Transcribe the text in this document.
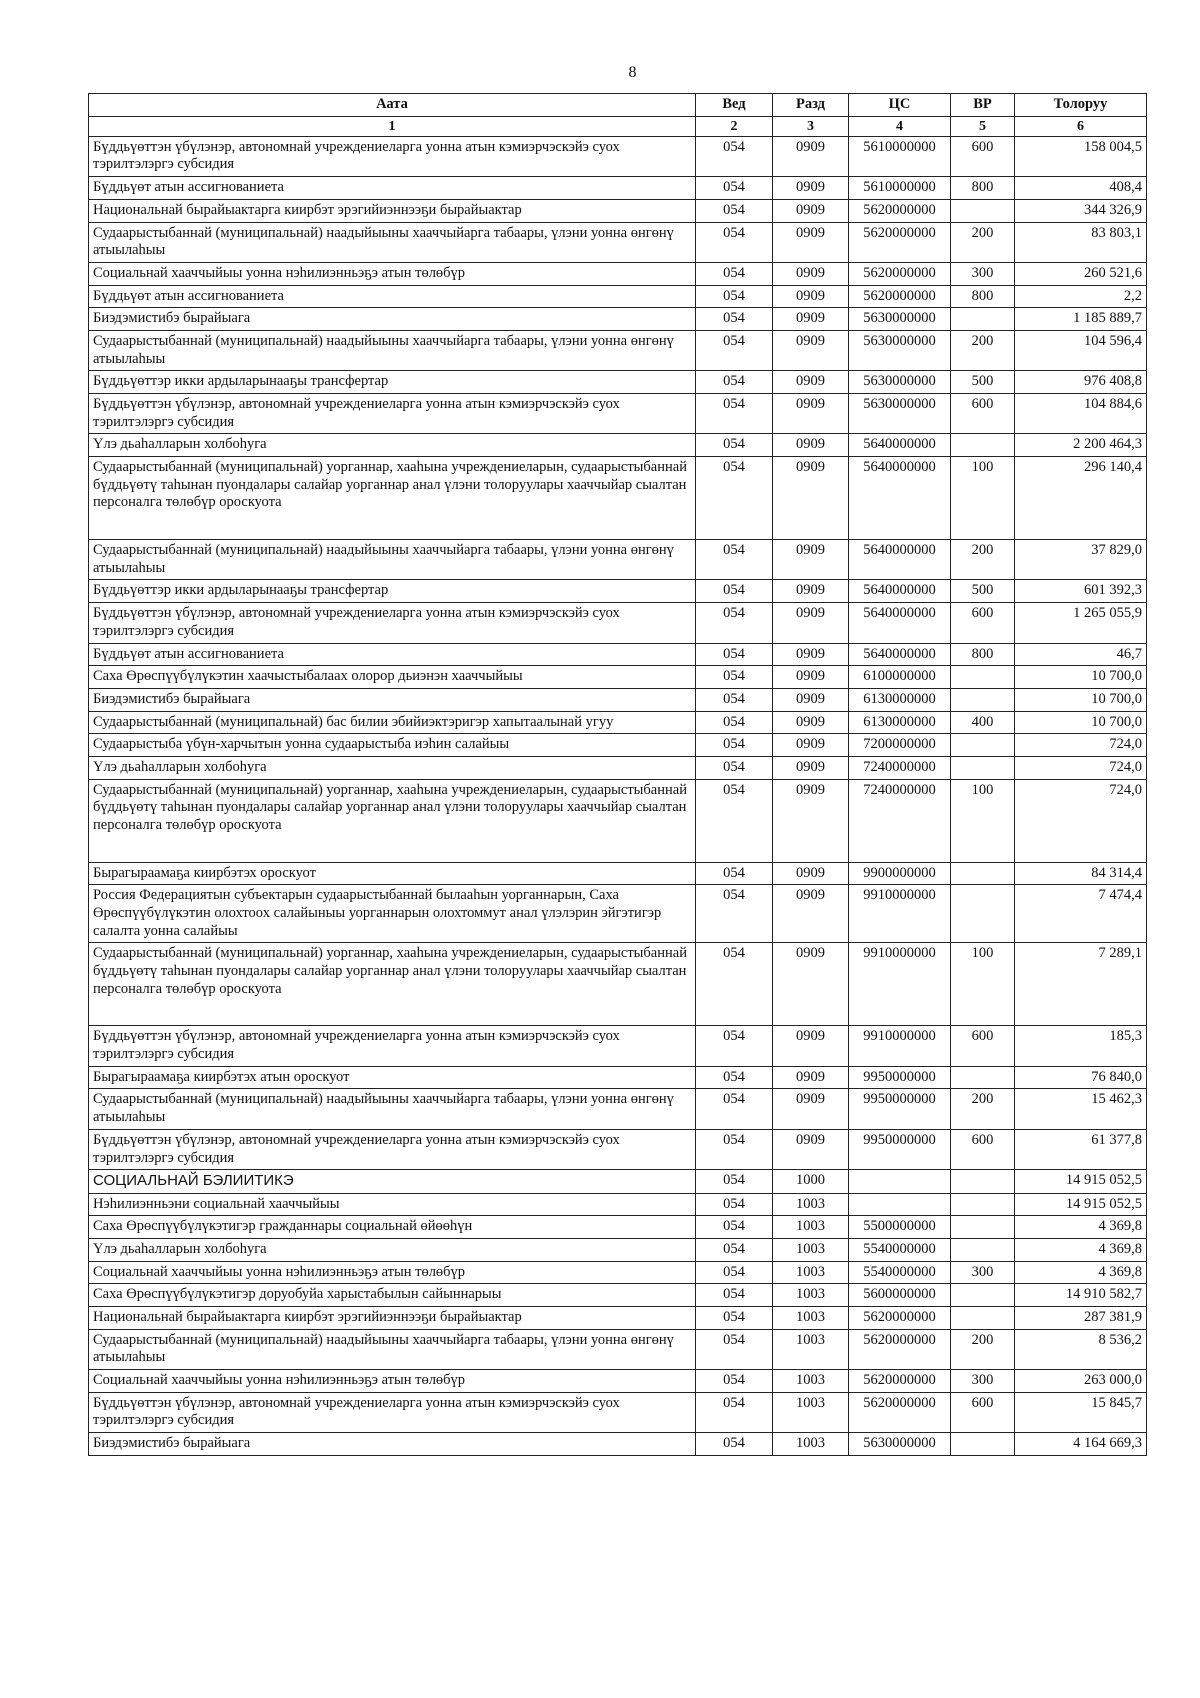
8
Аата	Вед	Разд	ЦС	ВР	Толоруу
1	2	3	4	5	6
Бүддьүөттэн үбүлэнэр, автономнай учреждениеларга уонна атын кэмиэрчэскэйэ суох тэрилтэлэргэ субсидия	054	0909	5610000000	600	158 004,5
Бүддьүөт атын ассигнованиета	054	0909	5610000000	800	408,4
Национальнай бырайыактарга киирбэт эрэгийиэннээҕи бырайыактар	054	0909	5620000000		344 326,9
Судаарыстыбаннай (муниципальнай) наадыйыыны хааччыйарга табаары, үлэни уонна өнгөнү атыылаһыы	054	0909	5620000000	200	83 803,1
Социальнай хааччыйыы уонна нэһилиэнньэҕэ атын төлөбүр	054	0909	5620000000	300	260 521,6
Бүддьүөт атын ассигнованиета	054	0909	5620000000	800	2,2
Биэдэмистибэ бырайыага	054	0909	5630000000		1 185 889,7
Судаарыстыбаннай (муниципальнай) наадыйыыны хааччыйарга табаары, үлэни уонна өнгөнү атыылаһыы	054	0909	5630000000	200	104 596,4
Бүддьүөттэр икки ардыларынааҕы трансфертар	054	0909	5630000000	500	976 408,8
Бүддьүөттэн үбүлэнэр, автономнай учреждениеларга уонна атын кэмиэрчэскэйэ суох тэрилтэлэргэ субсидия	054	0909	5630000000	600	104 884,6
Үлэ дьаһалларын холбоһуга	054	0909	5640000000		2 200 464,3
Судаарыстыбаннай (муниципальнай) уорганнар, хааһына учреждениеларын, судаарыстыбаннай бүддьүөтү таһынан пуондалары салайар уорганнар анал үлэни толоруулары хааччыйар сыалтан персоналга төлөбүр ороскуота	054	0909	5640000000	100	296 140,4
Судаарыстыбаннай (муниципальнай) наадыйыыны хааччыйарга табаары, үлэни уонна өнгөнү атыылаһыы	054	0909	5640000000	200	37 829,0
Бүддьүөттэр икки ардыларынааҕы трансфертар	054	0909	5640000000	500	601 392,3
Бүддьүөттэн үбүлэнэр, автономнай учреждениеларга уонна атын кэмиэрчэскэйэ суох тэрилтэлэргэ субсидия	054	0909	5640000000	600	1 265 055,9
Бүддьүөт атын ассигнованиета	054	0909	5640000000	800	46,7
Саха Өрөспүүбүлүкэтин хаачыстыбалаах олорор дьиэнэн хааччыйыы	054	0909	6100000000		10 700,0
Биэдэмистибэ бырайыага	054	0909	6130000000		10 700,0
Судаарыстыбаннай (муниципальнай) бас билии эбийиэктэригэр хапытаалынай угуу	054	0909	6130000000	400	10 700,0
Судаарыстыба үбүн-харчытын уонна судаарыстыба иэһин салайыы	054	0909	7200000000		724,0
Үлэ дьаһалларын холбоһуга	054	0909	7240000000		724,0
Судаарыстыбаннай (муниципальнай) уорганнар, хааһына учреждениеларын, судаарыстыбаннай бүддьүөтү таһынан пуондалары салайар уорганнар анал үлэни толоруулары хааччыйар сыалтан персоналга төлөбүр ороскуота	054	0909	7240000000	100	724,0
Бырагыраамаҕа киирбэтэх ороскуот	054	0909	9900000000		84 314,4
Россия Федерациятын субъектарын судаарыстыбаннай былааһын уорганнарын, Саха Өрөспүүбүлүкэтин олохтоох салайыныы уорганнарын олохтоммут анал үлэлэрин эйгэтигэр салалта уонна салайыы	054	0909	9910000000		7 474,4
Судаарыстыбаннай (муниципальнай) уорганнар, хааһына учреждениеларын, судаарыстыбаннай бүддьүөтү таһынан пуондалары салайар уорганнар анал үлэни толоруулары хааччыйар сыалтан персоналга төлөбүр ороскуота	054	0909	9910000000	100	7 289,1
Бүддьүөттэн үбүлэнэр, автономнай учреждениеларга уонна атын кэмиэрчэскэйэ суох тэрилтэлэргэ субсидия	054	0909	9910000000	600	185,3
Бырагыраамаҕа киирбэтэх атын ороскуот	054	0909	9950000000		76 840,0
Судаарыстыбаннай (муниципальнай) наадыйыыны хааччыйарга табаары, үлэни уонна өнгөнү атыылаһыы	054	0909	9950000000	200	15 462,3
Бүддьүөттэн үбүлэнэр, автономнай учреждениеларга уонна атын кэмиэрчэскэйэ суох тэрилтэлэргэ субсидия	054	0909	9950000000	600	61 377,8
СОЦИАЛЬНАЙ БЭЛИИТИКЭ	054	1000			14 915 052,5
Нэһилиэнньэни социальнай хааччыйыы	054	1003			14 915 052,5
Саха Өрөспүүбүлүкэтигэр гражданнары социальнай өйөөһүн	054	1003	5500000000		4 369,8
Үлэ дьаһалларын холбоһуга	054	1003	5540000000		4 369,8
Социальнай хааччыйыы уонна нэһилиэнньэҕэ атын төлөбүр	054	1003	5540000000	300	4 369,8
Саха Өрөспүүбүлүкэтигэр доруобуйа харыстабылын сайыннарыы	054	1003	5600000000		14 910 582,7
Национальнай бырайыактарга киирбэт эрэгийиэннээҕи бырайыактар	054	1003	5620000000		287 381,9
Судаарыстыбаннай (муниципальнай) наадыйыыны хааччыйарга табаары, үлэни уонна өнгөнү атыылаһыы	054	1003	5620000000	200	8 536,2
Социальнай хааччыйыы уонна нэһилиэнньэҕэ атын төлөбүр	054	1003	5620000000	300	263 000,0
Бүддьүөттэн үбүлэнэр, автономнай учреждениеларга уонна атын кэмиэрчэскэйэ суох тэрилтэлэргэ субсидия	054	1003	5620000000	600	15 845,7
Биэдэмистибэ бырайыага	054	1003	5630000000		4 164 669,3
